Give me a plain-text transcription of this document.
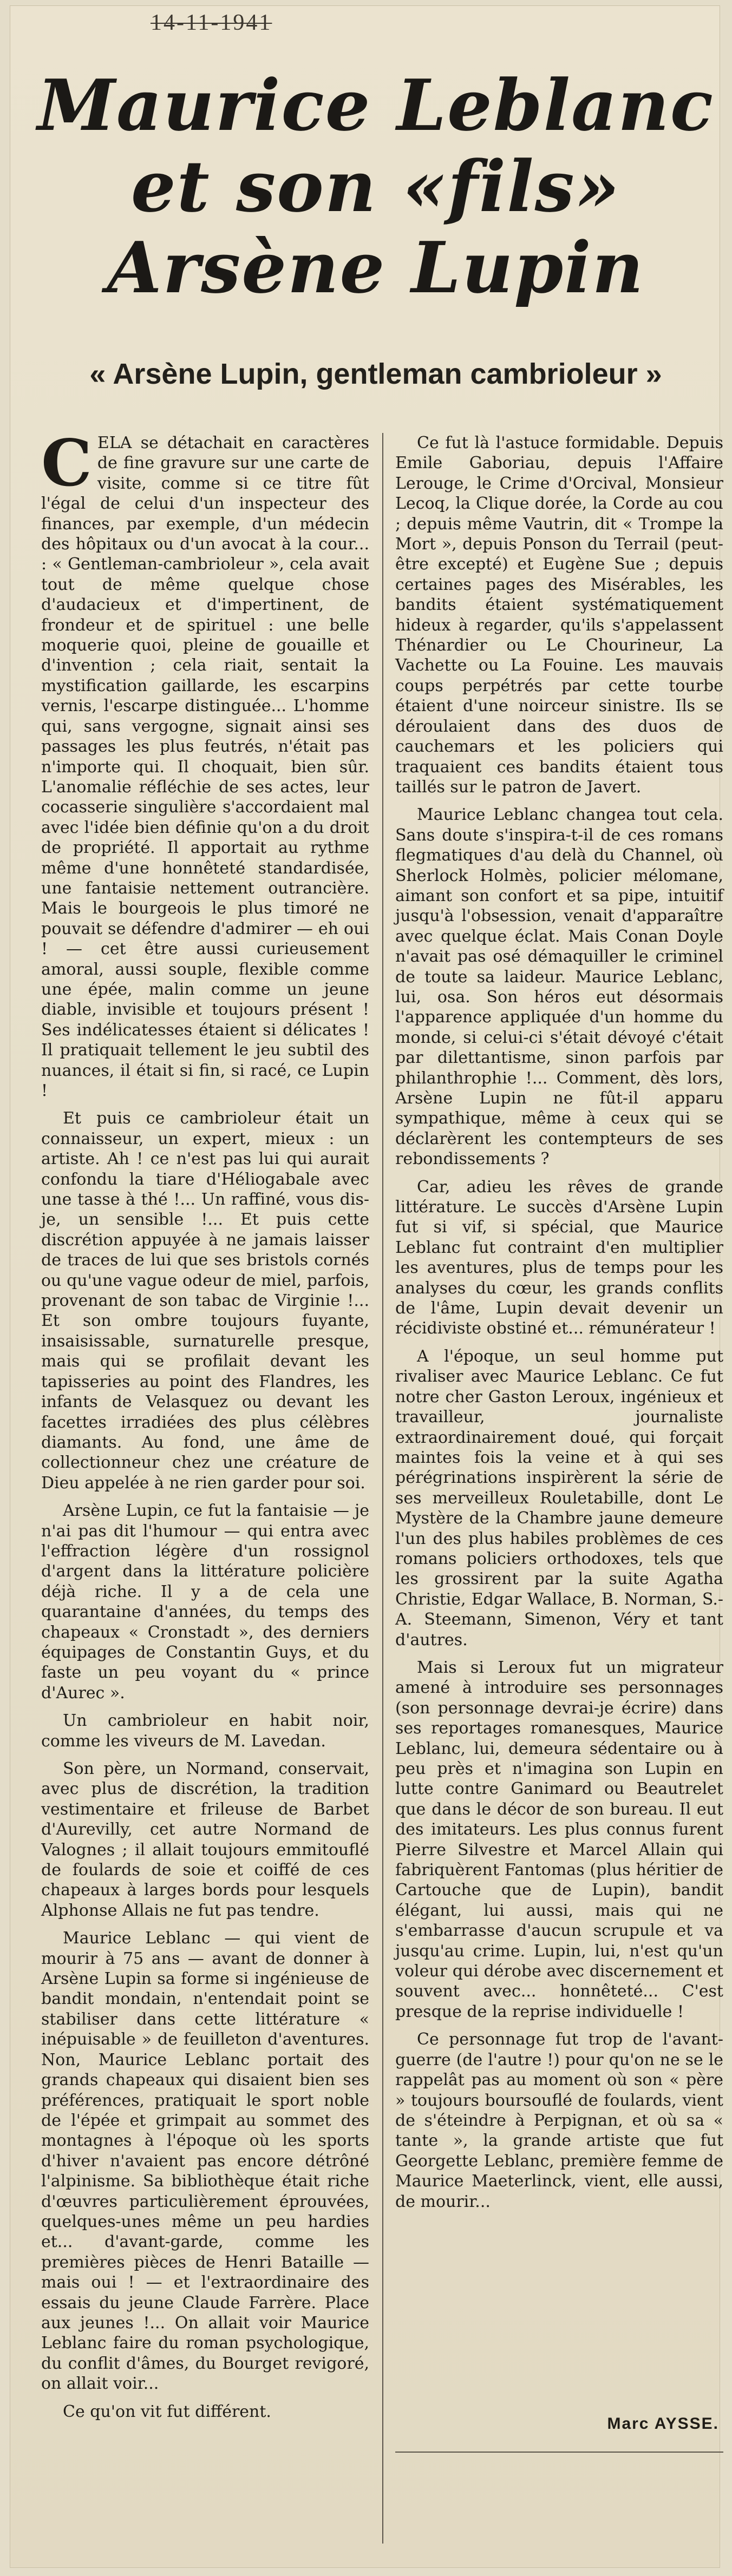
14-11-1941
Maurice Leblanc
et son «fils»
Arsène Lupin
« Arsène Lupin, gentleman cambrioleur »

CELA se détachait en caractères de fine gravure sur une carte de visite, comme si ce titre fût l'égal de celui d'un inspecteur des finances, par exemple, d'un médecin des hôpitaux ou d'un avocat à la cour... : « Gentleman-cambrioleur », cela avait tout de même quelque chose d'audacieux et d'impertinent, de frondeur et de spirituel : une belle moquerie quoi, pleine de gouaille et d'invention ; cela riait, sentait la mystification gaillarde, les escarpins vernis, l'escarpe distinguée... L'homme qui, sans vergogne, signait ainsi ses passages les plus feutrés, n'était pas n'importe qui. Il choquait, bien sûr. L'anomalie réfléchie de ses actes, leur cocasserie singulière s'accordaient mal avec l'idée bien définie qu'on a du droit de propriété. Il apportait au rythme même d'une honnêteté standardisée, une fantaisie nettement outrancière. Mais le bourgeois le plus timoré ne pouvait se défendre d'admirer — eh oui ! — cet être aussi curieusement amoral, aussi souple, flexible comme une épée, malin comme un jeune diable, invisible et toujours présent ! Ses indélicatesses étaient si délicates ! Il pratiquait tellement le jeu subtil des nuances, il était si fin, si racé, ce Lupin !

Et puis ce cambrioleur était un connaisseur, un expert, mieux : un artiste. Ah ! ce n'est pas lui qui aurait confondu la tiare d'Héliogabale avec une tasse à thé !... Un raffiné, vous dis-je, un sensible !... Et puis cette discrétion appuyée à ne jamais laisser de traces de lui que ses bristols cornés ou qu'une vague odeur de miel, parfois, provenant de son tabac de Virginie !... Et son ombre toujours fuyante, insaisissable, surnaturelle presque, mais qui se profilait devant les tapisseries au point des Flandres, les infants de Velasquez ou devant les facettes irradiées des plus célèbres diamants. Au fond, une âme de collectionneur chez une créature de Dieu appelée à ne rien garder pour soi.

Arsène Lupin, ce fut la fantaisie — je n'ai pas dit l'humour — qui entra avec l'effraction légère d'un rossignol d'argent dans la littérature policière déjà riche. Il y a de cela une quarantaine d'années, du temps des chapeaux « Cronstadt », des derniers équipages de Constantin Guys, et du faste un peu voyant du « prince d'Aurec ».

Un cambrioleur en habit noir, comme les viveurs de M. Lavedan.

Son père, un Normand, conservait, avec plus de discrétion, la tradition vestimentaire et frileuse de Barbet d'Aurevilly, cet autre Normand de Valognes ; il allait toujours emmitouflé de foulards de soie et coiffé de ces chapeaux à larges bords pour lesquels Alphonse Allais ne fut pas tendre.

Maurice Leblanc — qui vient de mourir à 75 ans — avant de donner à Arsène Lupin sa forme si ingénieuse de bandit mondain, n'entendait point se stabiliser dans cette littérature « inépuisable » de feuilleton d'aventures. Non, Maurice Leblanc portait des grands chapeaux qui disaient bien ses préférences, pratiquait le sport noble de l'épée et grimpait au sommet des montagnes à l'époque où les sports d'hiver n'avaient pas encore détrôné l'alpinisme. Sa bibliothèque était riche d'œuvres particulièrement éprouvées, quelques-unes même un peu hardies et... d'avant-garde, comme les premières pièces de Henri Bataille — mais oui ! — et l'extraordinaire des essais du jeune Claude Farrère. Place aux jeunes !... On allait voir Maurice Leblanc faire du roman psychologique, du conflit d'âmes, du Bourget revigoré, on allait voir...

Ce qu'on vit fut différent.

Ce fut là l'astuce formidable. Depuis Emile Gaboriau, depuis l'Affaire Lerouge, le Crime d'Orcival, Monsieur Lecoq, la Clique dorée, la Corde au cou ; depuis même Vautrin, dit « Trompe la Mort », depuis Ponson du Terrail (peut-être excepté) et Eugène Sue ; depuis certaines pages des Misérables, les bandits étaient systématiquement hideux à regarder, qu'ils s'appelassent Thénardier ou Le Chourineur, La Vachette ou La Fouine. Les mauvais coups perpétrés par cette tourbe étaient d'une noirceur sinistre. Ils se déroulaient dans des duos de cauchemars et les policiers qui traquaient ces bandits étaient tous taillés sur le patron de Javert.

Maurice Leblanc changea tout cela. Sans doute s'inspira-t-il de ces romans flegmatiques d'au delà du Channel, où Sherlock Holmès, policier mélomane, aimant son confort et sa pipe, intuitif jusqu'à l'obsession, venait d'apparaître avec quelque éclat. Mais Conan Doyle n'avait pas osé démaquiller le criminel de toute sa laideur. Maurice Leblanc, lui, osa. Son héros eut désormais l'apparence appliquée d'un homme du monde, si celui-ci s'était dévoyé c'était par dilettantisme, sinon parfois par philanthrophie !... Comment, dès lors, Arsène Lupin ne fût-il apparu sympathique, même à ceux qui se déclarèrent les contempteurs de ses rebondissements ?

Car, adieu les rêves de grande littérature. Le succès d'Arsène Lupin fut si vif, si spécial, que Maurice Leblanc fut contraint d'en multiplier les aventures, plus de temps pour les analyses du cœur, les grands conflits de l'âme, Lupin devait devenir un récidiviste obstiné et... rémunérateur !

A l'époque, un seul homme put rivaliser avec Maurice Leblanc. Ce fut notre cher Gaston Leroux, ingénieux et travailleur, journaliste extraordinairement doué, qui forçait maintes fois la veine et à qui ses pérégrinations inspirèrent la série de ses merveilleux Rouletabille, dont Le Mystère de la Chambre jaune demeure l'un des plus habiles problèmes de ces romans policiers orthodoxes, tels que les grossirent par la suite Agatha Christie, Edgar Wallace, B. Norman, S.-A. Steemann, Simenon, Véry et tant d'autres.

Mais si Leroux fut un migrateur amené à introduire ses personnages (son personnage devrai-je écrire) dans ses reportages romanesques, Maurice Leblanc, lui, demeura sédentaire ou à peu près et n'imagina son Lupin en lutte contre Ganimard ou Beautrelet que dans le décor de son bureau. Il eut des imitateurs. Les plus connus furent Pierre Silvestre et Marcel Allain qui fabriquèrent Fantomas (plus héritier de Cartouche que de Lupin), bandit élégant, lui aussi, mais qui ne s'embarrasse d'aucun scrupule et va jusqu'au crime. Lupin, lui, n'est qu'un voleur qui dérobe avec discernement et souvent avec... honnêteté... C'est presque de la reprise individuelle !

Ce personnage fut trop de l'avant-guerre (de l'autre !) pour qu'on ne se le rappelât pas au moment où son « père » toujours boursouflé de foulards, vient de s'éteindre à Perpignan, et où sa « tante », la grande artiste que fut Georgette Leblanc, première femme de Maurice Maeterlinck, vient, elle aussi, de mourir...

Marc AYSSE.
